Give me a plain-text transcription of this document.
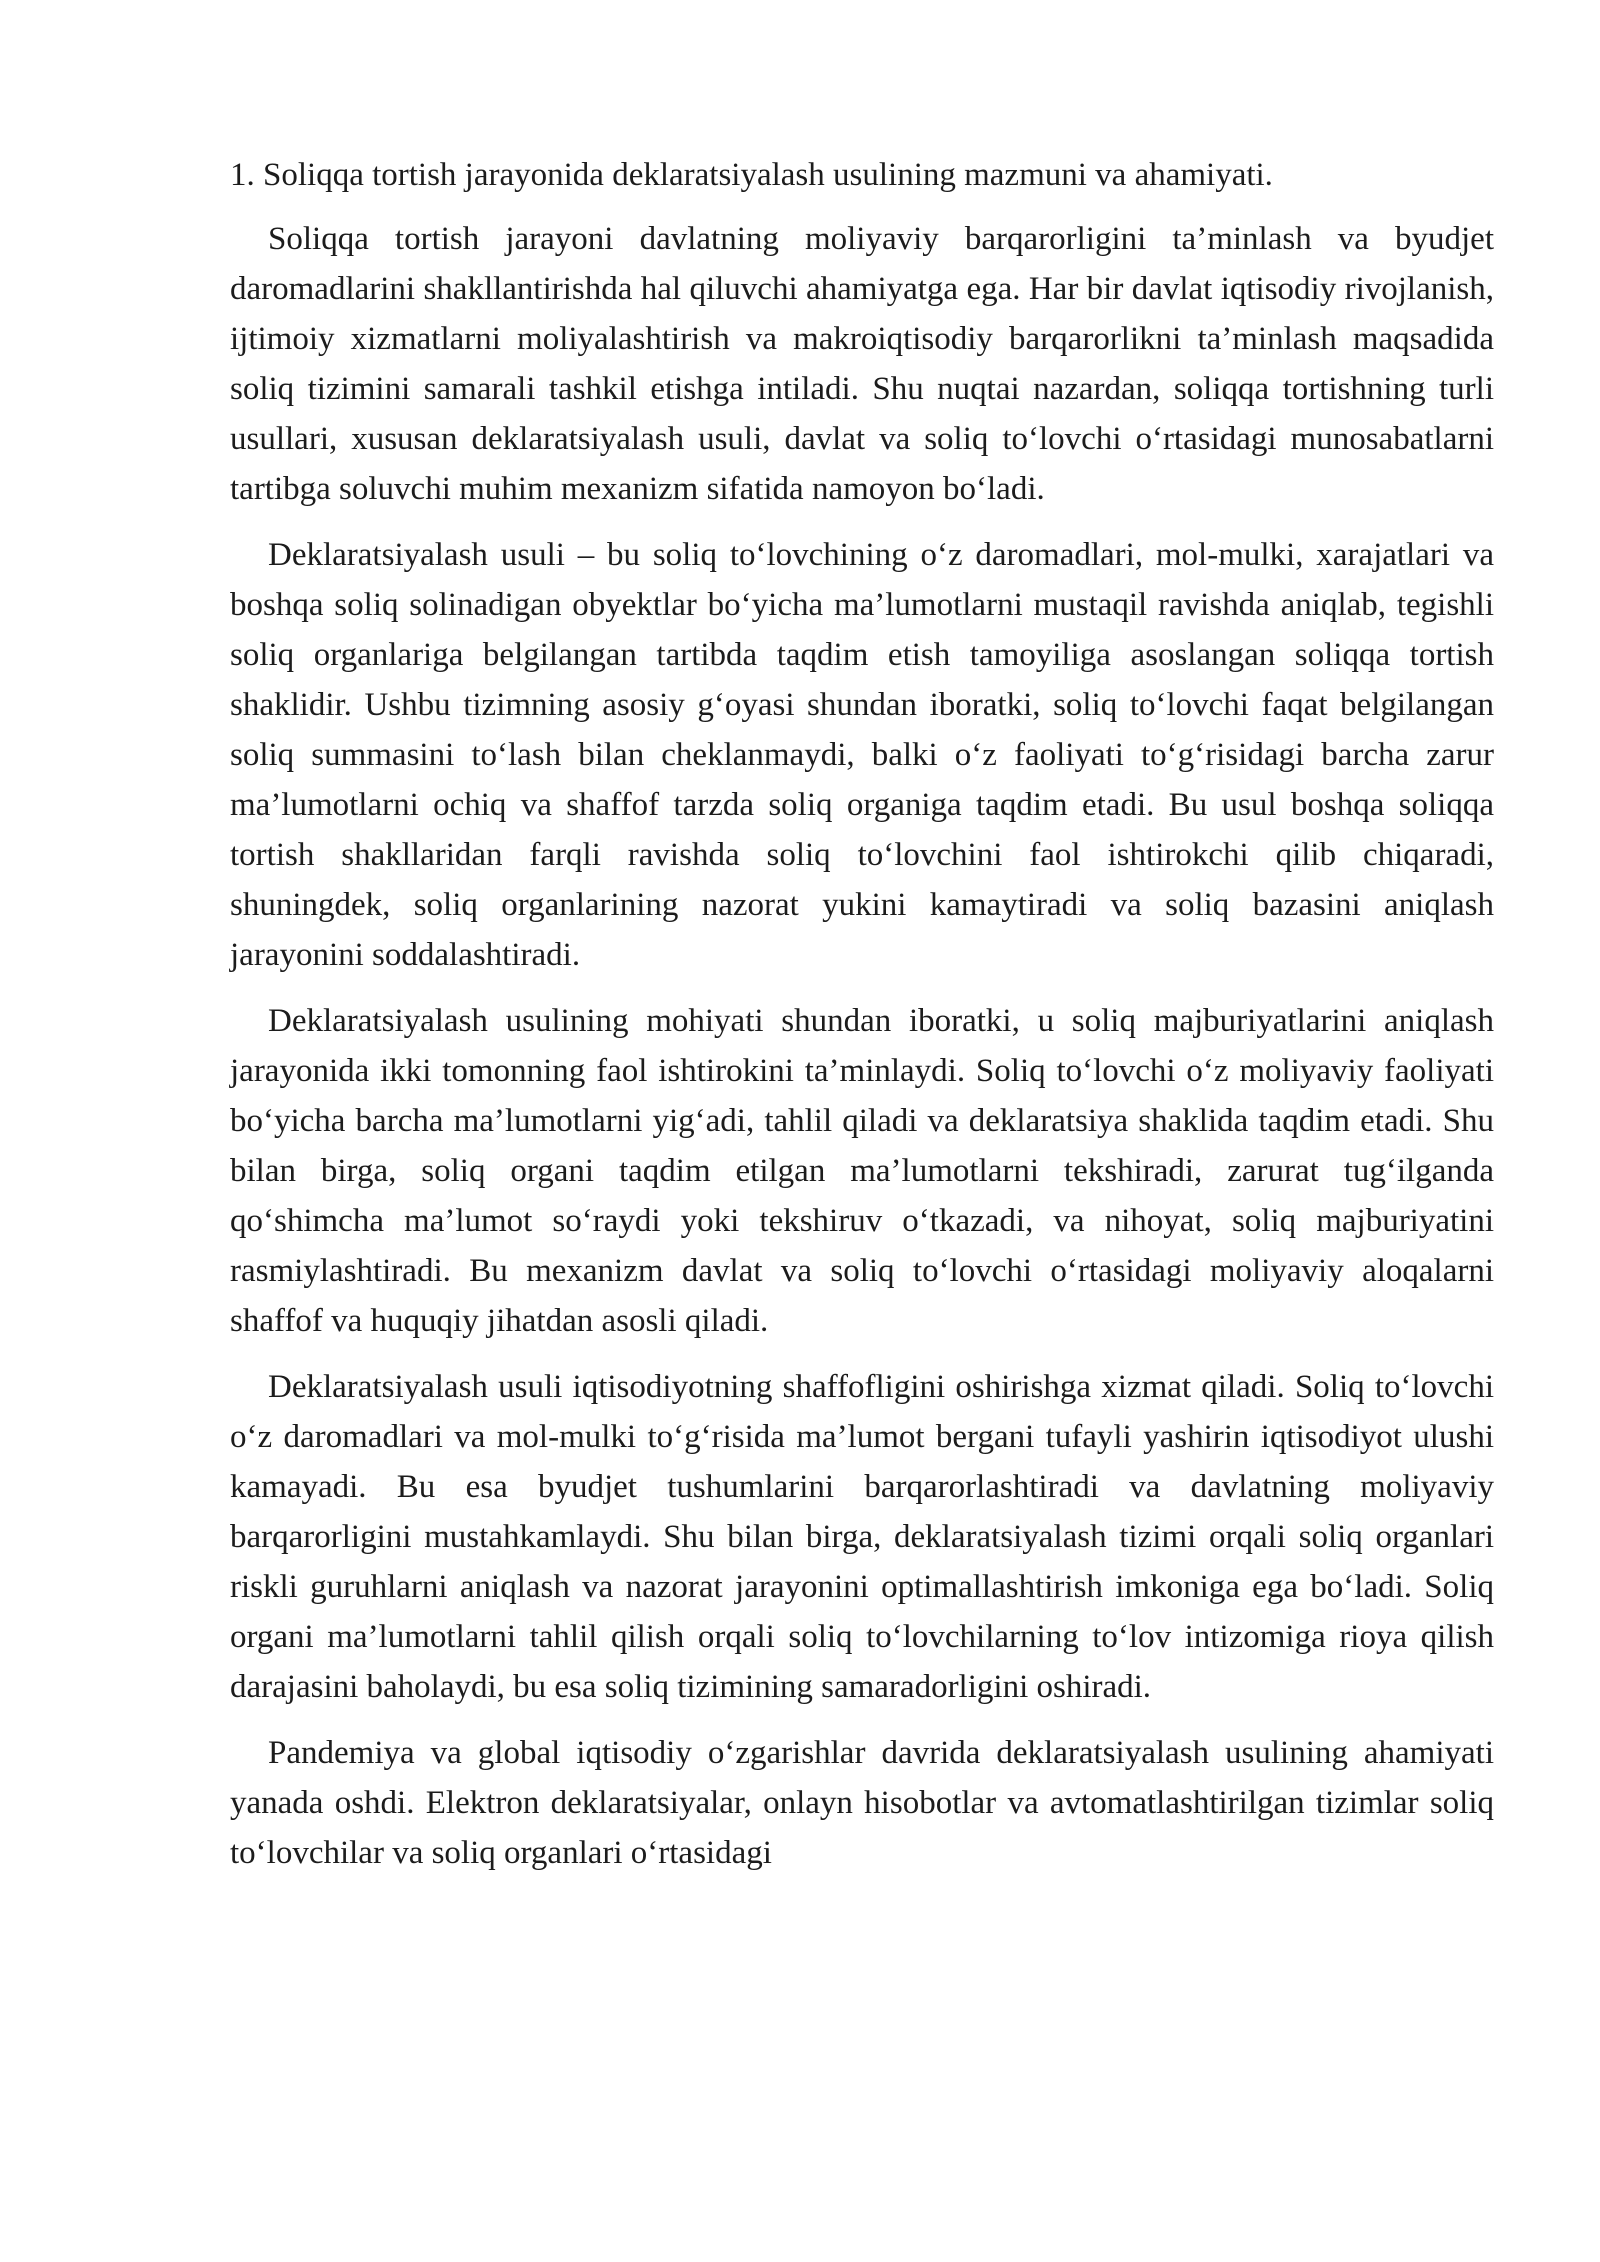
1. Soliqqa tortish jarayonida deklaratsiyalash usulining mazmuni va ahamiyati.

Soliqqa tortish jarayoni davlatning moliyaviy barqarorligini ta’minlash va byudjet daromadlarini shakllantirishda hal qiluvchi ahamiyatga ega. Har bir davlat iqtisodiy rivojlanish, ijtimoiy xizmatlarni moliyalashtirish va makroiqtisodiy barqarorlikni ta’minlash maqsadida soliq tizimini samarali tashkil etishga intiladi. Shu nuqtai nazardan, soliqqa tortishning turli usullari, xususan deklaratsiyalash usuli, davlat va soliq to‘lovchi o‘rtasidagi munosabatlarni tartibga soluvchi muhim mexanizm sifatida namoyon bo‘ladi.

Deklaratsiyalash usuli – bu soliq to‘lovchining o‘z daromadlari, mol-mulki, xarajatlari va boshqa soliq solinadigan obyektlar bo‘yicha ma’lumotlarni mustaqil ravishda aniqlab, tegishli soliq organlariga belgilangan tartibda taqdim etish tamoyiliga asoslangan soliqqa tortish shaklidir. Ushbu tizimning asosiy g‘oyasi shundan iboratki, soliq to‘lovchi faqat belgilangan soliq summasini to‘lash bilan cheklanmaydi, balki o‘z faoliyati to‘g‘risidagi barcha zarur ma’lumotlarni ochiq va shaffof tarzda soliq organiga taqdim etadi. Bu usul boshqa soliqqa tortish shakllaridan farqli ravishda soliq to‘lovchini faol ishtirokchi qilib chiqaradi, shuningdek, soliq organlarining nazorat yukini kamaytiradi va soliq bazasini aniqlash jarayonini soddalashtiradi.

Deklaratsiyalash usulining mohiyati shundan iboratki, u soliq majburiyatlarini aniqlash jarayonida ikki tomonning faol ishtirokini ta’minlaydi. Soliq to‘lovchi o‘z moliyaviy faoliyati bo‘yicha barcha ma’lumotlarni yig‘adi, tahlil qiladi va deklaratsiya shaklida taqdim etadi. Shu bilan birga, soliq organi taqdim etilgan ma’lumotlarni tekshiradi, zarurat tug‘ilganda qo‘shimcha ma’lumot so‘raydi yoki tekshiruv o‘tkazadi, va nihoyat, soliq majburiyatini rasmiylashtiradi. Bu mexanizm davlat va soliq to‘lovchi o‘rtasidagi moliyaviy aloqalarni shaffof va huquqiy jihatdan asosli qiladi.

Deklaratsiyalash usuli iqtisodiyotning shaffofligini oshirishga xizmat qiladi. Soliq to‘lovchi o‘z daromadlari va mol-mulki to‘g‘risida ma’lumot bergani tufayli yashirin iqtisodiyot ulushi kamayadi. Bu esa byudjet tushumlarini barqarorlashtiradi va davlatning moliyaviy barqarorligini mustahkamlaydi. Shu bilan birga, deklaratsiyalash tizimi orqali soliq organlari riskli guruhlarni aniqlash va nazorat jarayonini optimallashtirish imkoniga ega bo‘ladi. Soliq organi ma’lumotlarni tahlil qilish orqali soliq to‘lovchilarning to‘lov intizomiga rioya qilish darajasini baholaydi, bu esa soliq tizimining samaradorligini oshiradi.

Pandemiya va global iqtisodiy o‘zgarishlar davrida deklaratsiyalash usulining ahamiyati yanada oshdi. Elektron deklaratsiyalar, onlayn hisobotlar va avtomatlashtirilgan tizimlar soliq to‘lovchilar va soliq organlari o‘rtasidagi
